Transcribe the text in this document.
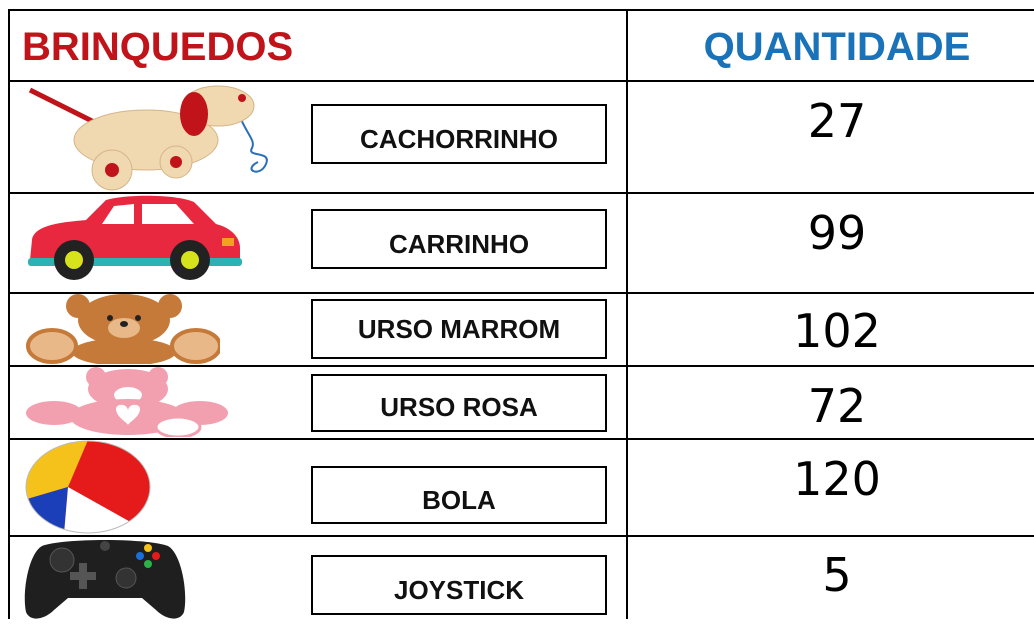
BRINQUEDOS	QUANTIDADE
CACHORRINHO	27
CARRINHO	99
URSO MARROM	102
URSO ROSA	72
BOLA	120
JOYSTICK	5
